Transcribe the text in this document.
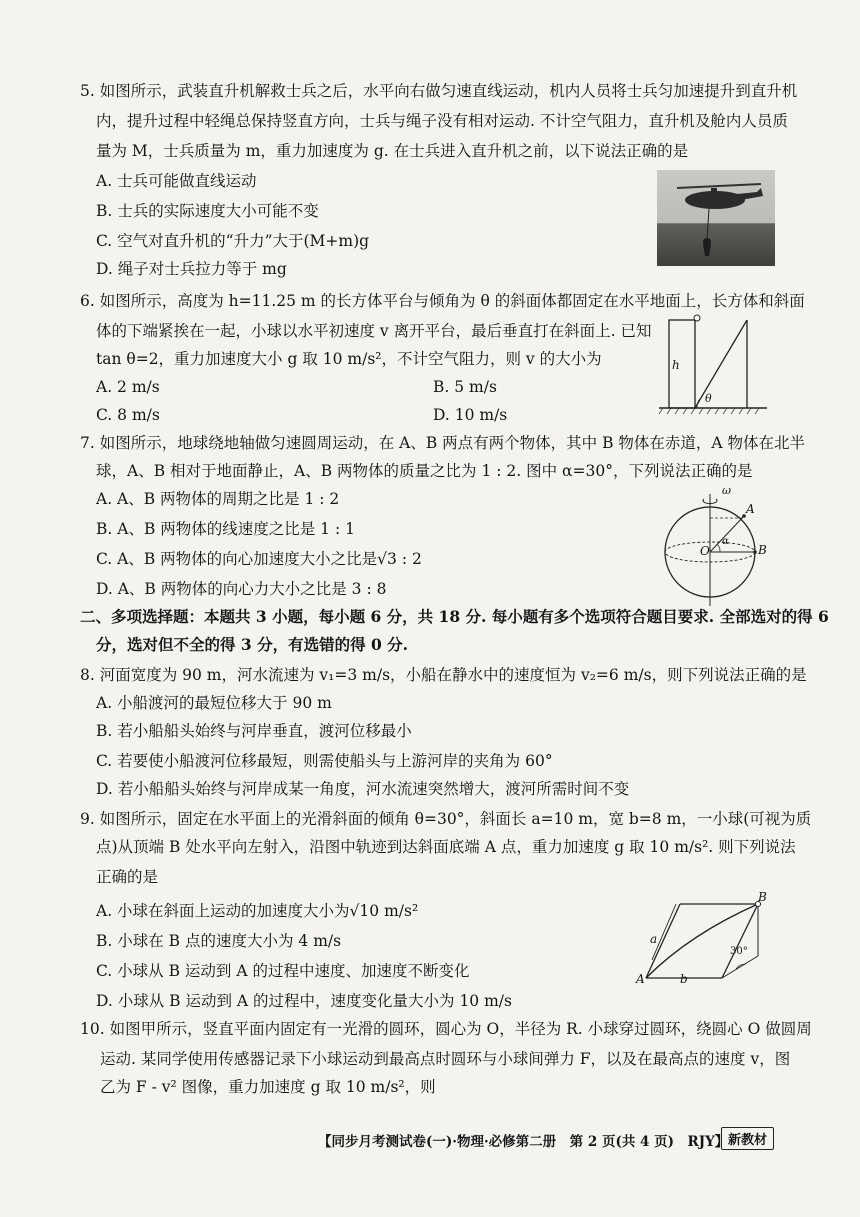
5. 如图所示，武装直升机解救士兵之后，水平向右做匀速直线运动，机内人员将士兵匀加速提升到直升机
内，提升过程中轻绳总保持竖直方向，士兵与绳子没有相对运动. 不计空气阻力，直升机及舱内人员质
量为 M，士兵质量为 m，重力加速度为 g. 在士兵进入直升机之前，以下说法正确的是
A. 士兵可能做直线运动
B. 士兵的实际速度大小可能不变
C. 空气对直升机的“升力”大于(M+m)g
D. 绳子对士兵拉力等于 mg
6. 如图所示，高度为 h=11.25 m 的长方体平台与倾角为 θ 的斜面体都固定在水平地面上，长方体和斜面
体的下端紧挨在一起，小球以水平初速度 v 离开平台，最后垂直打在斜面上. 已知
tan θ=2，重力加速度大小 g 取 10 m/s²，不计空气阻力，则 v 的大小为
A. 2 m/s	B. 5 m/s
C. 8 m/s	D. 10 m/s
h
θ
7. 如图所示，地球绕地轴做匀速圆周运动，在 A、B 两点有两个物体，其中 B 物体在赤道，A 物体在北半
球，A、B 相对于地面静止，A、B 两物体的质量之比为 1 : 2. 图中 α=30°，下列说法正确的是
A. A、B 两物体的周期之比是 1 : 2
B. A、B 两物体的线速度之比是 1 : 1
C. A、B 两物体的向心加速度大小之比是√3 : 2
D. A、B 两物体的向心力大小之比是 3 : 8
ω
A
B
O
α
二、多项选择题：本题共 3 小题，每小题 6 分，共 18 分. 每小题有多个选项符合题目要求. 全部选对的得 6
分，选对但不全的得 3 分，有选错的得 0 分.
8. 河面宽度为 90 m，河水流速为 v₁=3 m/s，小船在静水中的速度恒为 v₂=6 m/s，则下列说法正确的是
A. 小船渡河的最短位移大于 90 m
B. 若小船船头始终与河岸垂直，渡河位移最小
C. 若要使小船渡河位移最短，则需使船头与上游河岸的夹角为 60°
D. 若小船船头始终与河岸成某一角度，河水流速突然增大，渡河所需时间不变
9. 如图所示，固定在水平面上的光滑斜面的倾角 θ=30°，斜面长 a=10 m，宽 b=8 m，一小球(可视为质
点)从顶端 B 处水平向左射入，沿图中轨迹到达斜面底端 A 点，重力加速度 g 取 10 m/s². 则下列说法
正确的是
A. 小球在斜面上运动的加速度大小为√10 m/s²
B. 小球在 B 点的速度大小为 4 m/s
C. 小球从 B 运动到 A 的过程中速度、加速度不断变化
D. 小球从 B 运动到 A 的过程中，速度变化量大小为 10 m/s
a
b
A
B
30°
10. 如图甲所示，竖直平面内固定有一光滑的圆环，圆心为 O，半径为 R. 小球穿过圆环，绕圆心 O 做圆周
运动. 某同学使用传感器记录下小球运动到最高点时圆环与小球间弹力 F，以及在最高点的速度 v，图
乙为 F - v² 图像，重力加速度 g 取 10 m/s²，则
【同步月考测试卷(一)·物理·必修第二册　第 2 页(共 4 页)　RJY】 新教材
